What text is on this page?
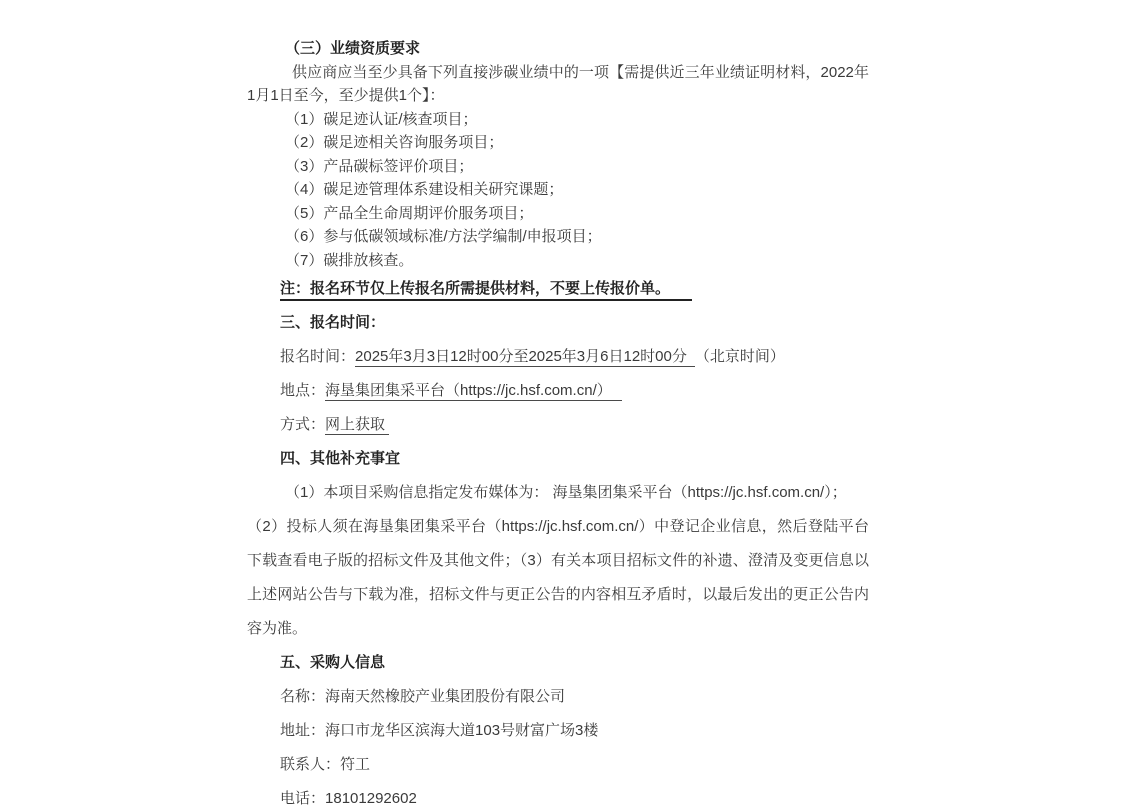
（三）业绩资质要求

供应商应当至少具备下列直接涉碳业绩中的一项【需提供近三年业绩证明材料，2022年1月1日至今，至少提供1个】：

（1）碳足迹认证/核查项目；

（2）碳足迹相关咨询服务项目；

（3）产品碳标签评价项目；

（4）碳足迹管理体系建设相关研究课题；

（5）产品全生命周期评价服务项目；

（6）参与低碳领域标准/方法学编制/申报项目；

（7）碳排放核查。

注：报名环节仅上传报名所需提供材料，不要上传报价单。

三、报名时间：

报名时间：2025年3月3日12时00分至2025年3月6日12时00分 （北京时间）

地点：海垦集团集采平台（https://jc.hsf.com.cn/）

方式：网上获取

四、其他补充事宜

（1）本项目采购信息指定发布媒体为： 海垦集团集采平台（https://jc.hsf.com.cn/）；

（2）投标人须在海垦集团集采平台（https://jc.hsf.com.cn/）中登记企业信息，然后登陆平台下载查看电子版的招标文件及其他文件；（3）有关本项目招标文件的补遗、澄清及变更信息以上述网站公告与下载为准，招标文件与更正公告的内容相互矛盾时，以最后发出的更正公告内容为准。

五、采购人信息

名称：海南天然橡胶产业集团股份有限公司

地址：海口市龙华区滨海大道103号财富广场3楼

联系人：符工

电话：18101292602
